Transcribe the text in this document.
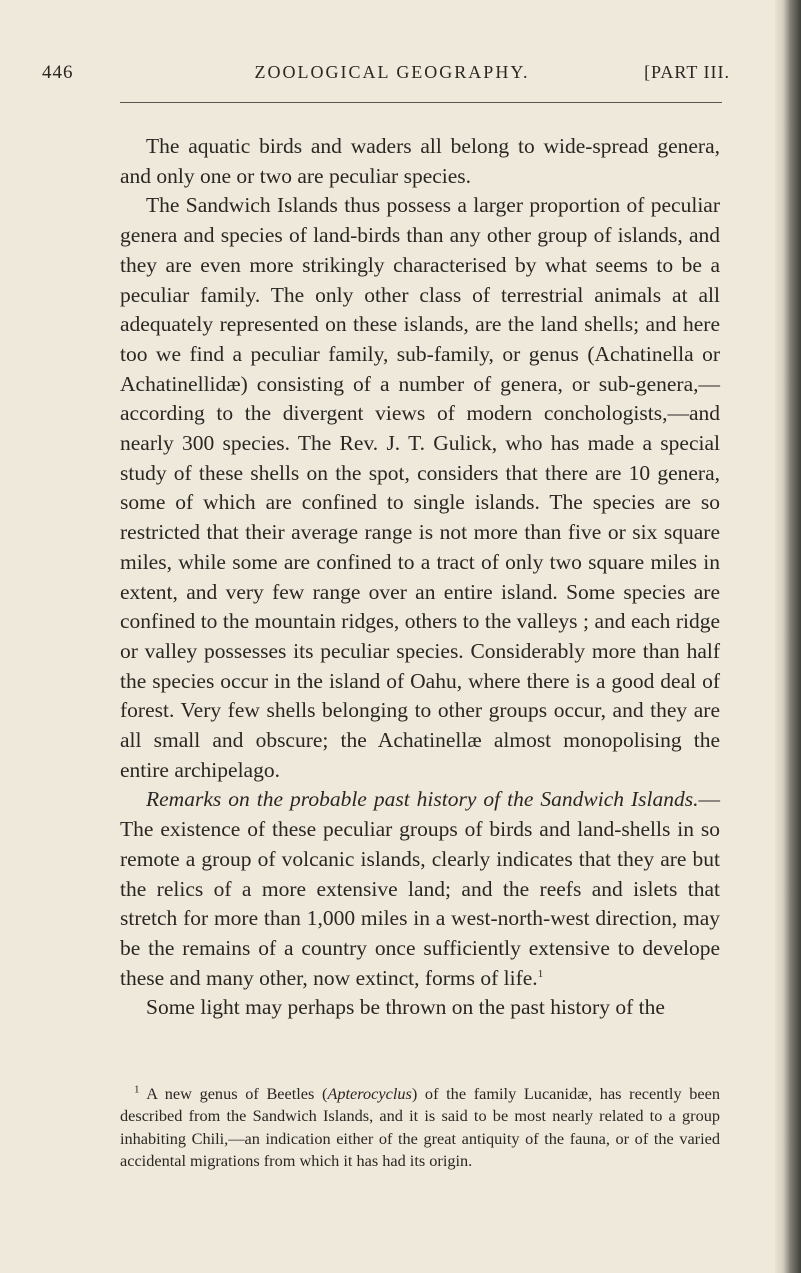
446	ZOOLOGICAL GEOGRAPHY.	[PART III.

The aquatic birds and waders all belong to wide-spread genera, and only one or two are peculiar species.

The Sandwich Islands thus possess a larger proportion of peculiar genera and species of land-birds than any other group of islands, and they are even more strikingly characterised by what seems to be a peculiar family. The only other class of terrestrial animals at all adequately represented on these islands, are the land shells; and here too we find a peculiar family, sub-family, or genus (Achatinella or Achatinellidæ) consisting of a number of genera, or sub-genera,—according to the divergent views of modern conchologists,—and nearly 300 species. The Rev. J. T. Gulick, who has made a special study of these shells on the spot, considers that there are 10 genera, some of which are confined to single islands. The species are so restricted that their average range is not more than five or six square miles, while some are confined to a tract of only two square miles in extent, and very few range over an entire island. Some species are confined to the mountain ridges, others to the valleys ; and each ridge or valley possesses its peculiar species. Considerably more than half the species occur in the island of Oahu, where there is a good deal of forest. Very few shells belonging to other groups occur, and they are all small and obscure; the Achatinellæ almost monopolising the entire archipelago.

Remarks on the probable past history of the Sandwich Islands.—The existence of these peculiar groups of birds and land-shells in so remote a group of volcanic islands, clearly indicates that they are but the relics of a more extensive land; and the reefs and islets that stretch for more than 1,000 miles in a west-north-west direction, may be the remains of a country once sufficiently extensive to develope these and many other, now extinct, forms of life.$^1$

Some light may perhaps be thrown on the past history of the

$^1$ A new genus of Beetles (Apterocyclus) of the family Lucanidæ, has recently been described from the Sandwich Islands, and it is said to be most nearly related to a group inhabiting Chili,—an indication either of the great antiquity of the fauna, or of the varied accidental migrations from which it has had its origin.
